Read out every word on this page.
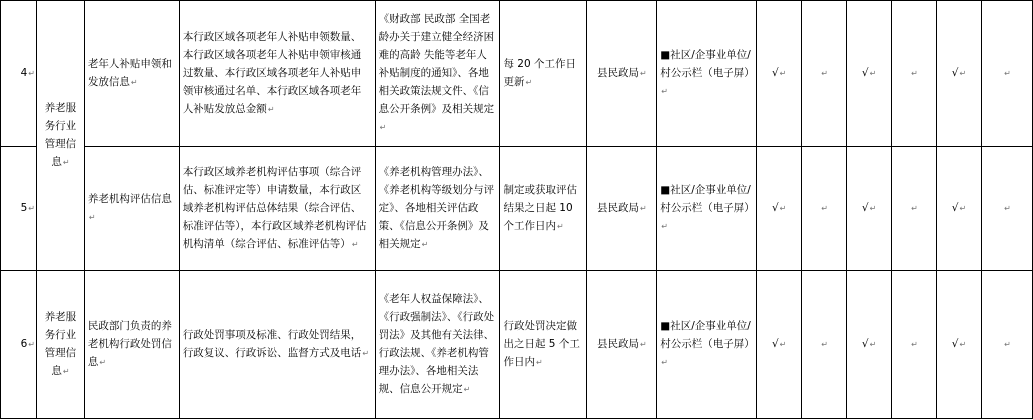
4↵	养老服务行业管理信息↵	老年人补贴申领和发放信息↵	本行政区域各项老年人补贴申领数量、本行政区域各项老年人补贴申领审核通过数量、本行政区域各项老年人补贴申领审核通过名单、本行政区域各项老年人补贴发放总金额↵	《财政部 民政部 全国老龄办关于建立健全经济困难的高龄 失能等老年人补贴制度的通知》、各地相关政策法规文件、《信息公开条例》及相关规定↵	每 20 个工作日更新↵	县民政局↵	■社区/企事业单位/村公示栏（电子屏）↵	√↵	↵	√↵	↵	√↵	↵
5↵		养老机构评估信息↵	本行政区域养老机构评估事项（综合评估、标准评定等）申请数量，本行政区域养老机构评估总体结果（综合评估、标准评估等），本行政区域养老机构评估机构清单（综合评估、标准评估等）↵	《养老机构管理办法》、《养老机构等级划分与评定》、各地相关评估政策、《信息公开条例》及相关规定↵	制定或获取评估结果之日起 10 个工作日内↵	县民政局↵	■社区/企事业单位/村公示栏（电子屏）↵	√↵	↵	√↵	↵	√↵	↵
6↵	养老服务行业管理信息↵	民政部门负责的养老机构行政处罚信息↵	行政处罚事项及标准、行政处罚结果，行政复议、行政诉讼、监督方式及电话↵	《老年人权益保障法》、《行政强制法》、《行政处罚法》及其他有关法律、行政法规、《养老机构管理办法》、各地相关法规、信息公开规定↵	行政处罚决定做出之日起 5 个工作日内↵	县民政局↵	■社区/企事业单位/村公示栏（电子屏）↵	√↵	↵	√↵	↵	√↵	↵
